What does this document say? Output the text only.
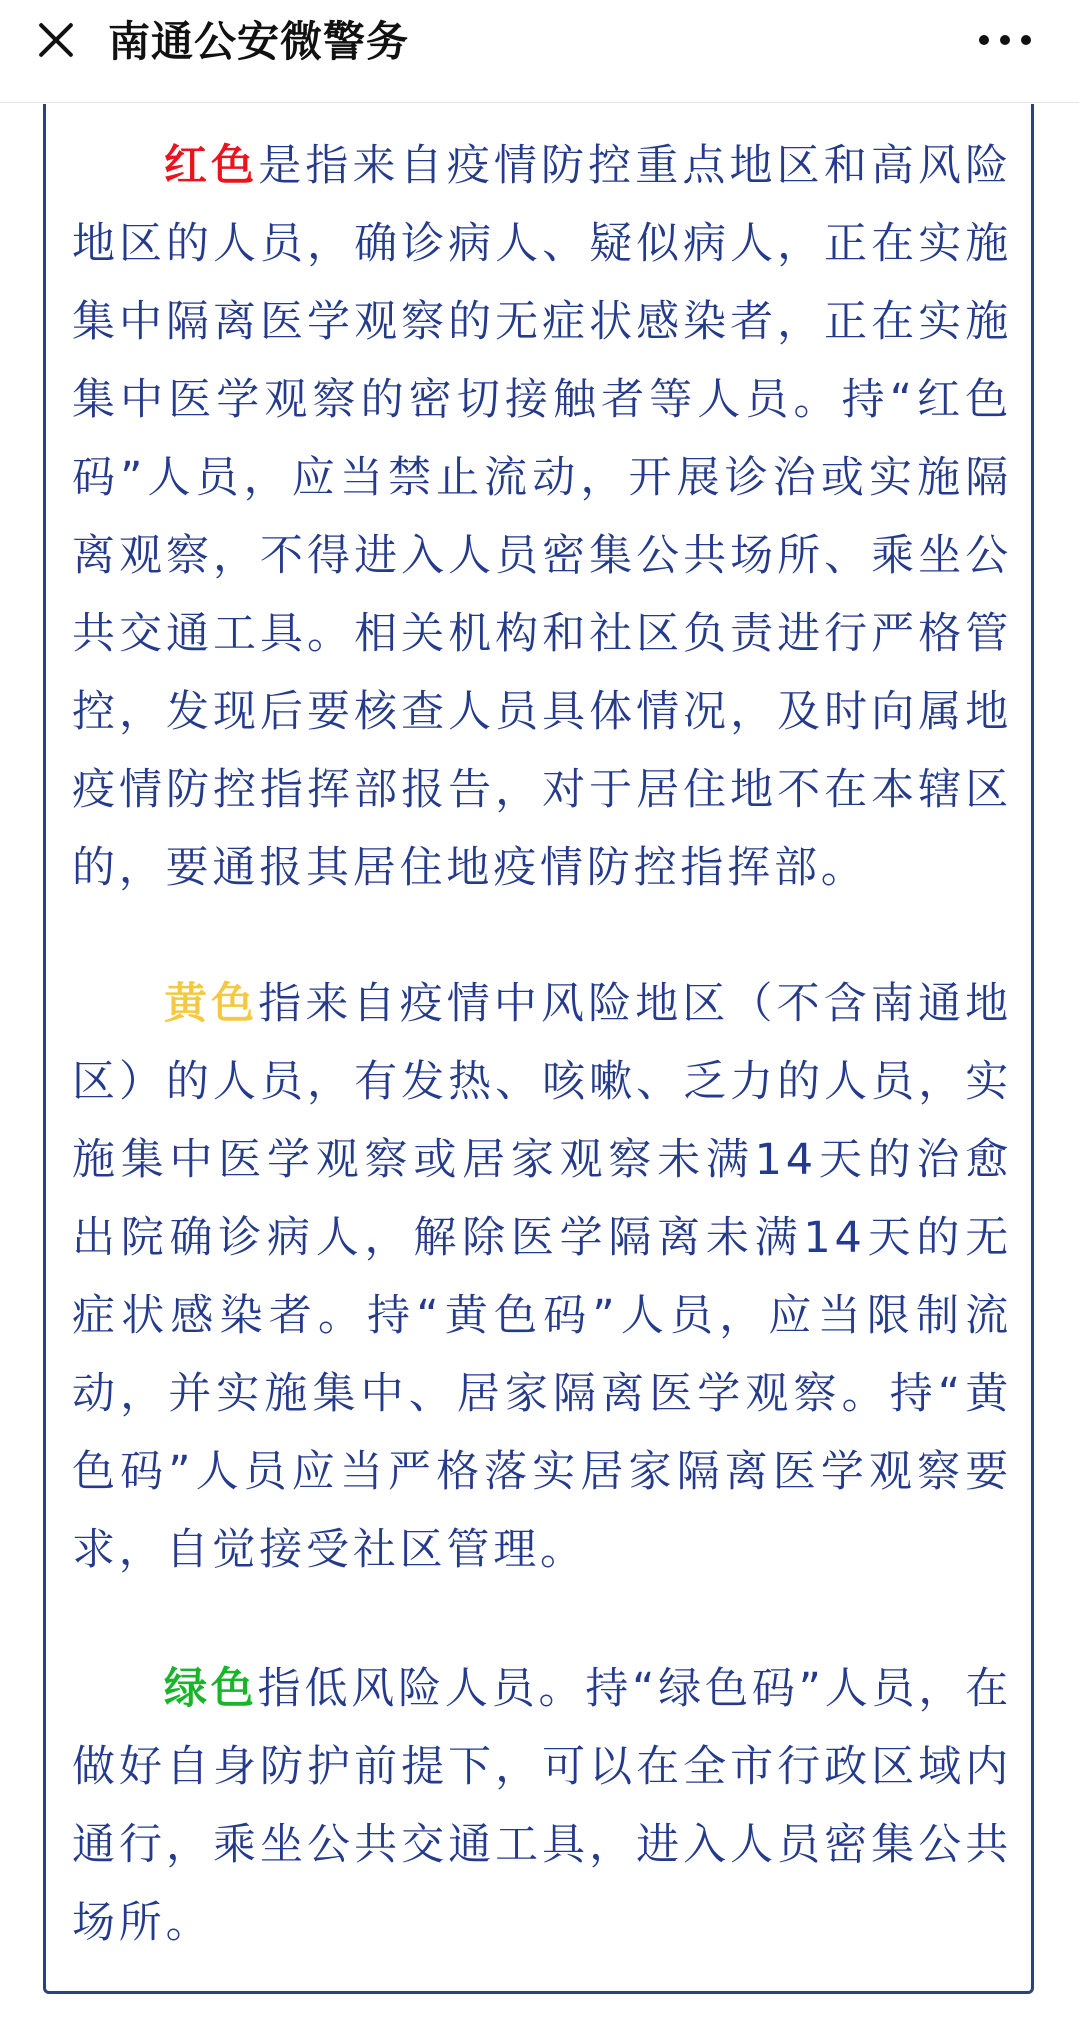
南通公安微警务

红色是指来自疫情防控重点地区和高风险地区的人员，确诊病人、疑似病人，正在实施集中隔离医学观察的无症状感染者，正在实施集中医学观察的密切接触者等人员。持“红色码”人员，应当禁止流动，开展诊治或实施隔离观察，不得进入人员密集公共场所、乘坐公共交通工具。相关机构和社区负责进行严格管控，发现后要核查人员具体情况，及时向属地疫情防控指挥部报告，对于居住地不在本辖区的，要通报其居住地疫情防控指挥部。

黄色指来自疫情中风险地区（不含南通地区）的人员，有发热、咳嗽、乏力的人员，实施集中医学观察或居家观察未满14天的治愈出院确诊病人，解除医学隔离未满14天的无症状感染者。持“黄色码”人员，应当限制流动，并实施集中、居家隔离医学观察。持“黄色码”人员应当严格落实居家隔离医学观察要求，自觉接受社区管理。

绿色指低风险人员。持“绿色码”人员，在做好自身防护前提下，可以在全市行政区域内通行，乘坐公共交通工具，进入人员密集公共场所。
